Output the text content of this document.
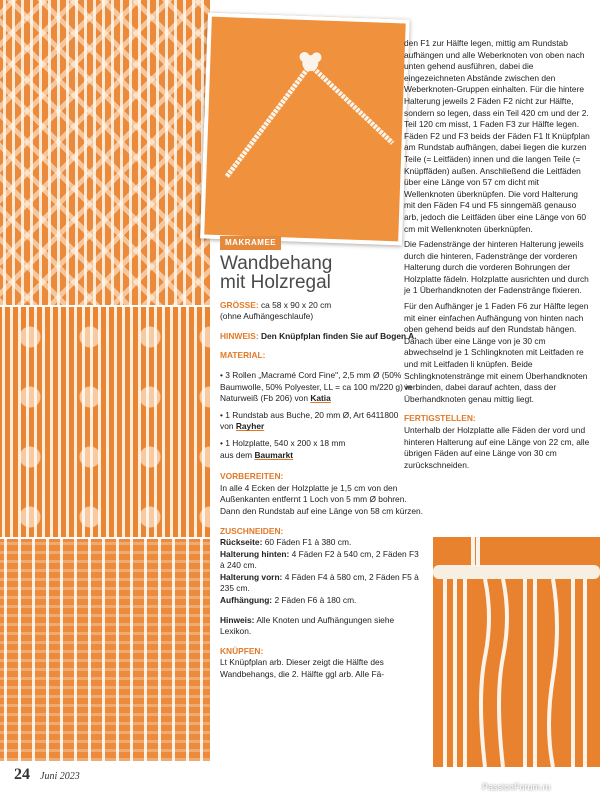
MAKRAMEE
Wandbehang
mit Holzregal

GRÖSSE: ca 58 x 90 x 20 cm
(ohne Aufhängeschlaufe)

HINWEIS: Den Knüpfplan finden Sie auf Bogen A.

MATERIAL:

• 3 Rollen „Macramé Cord Fine", 2,5 mm Ø (50% Baumwolle, 50% Polyester, LL = ca 100 m/220 g) in Naturweiß (Fb 206) von Katia
• 1 Rundstab aus Buche, 20 mm Ø, Art 6411800
von Rayher
• 1 Holzplatte, 540 x 200 x 18 mm
aus dem Baumarkt

VORBEREITEN:
In alle 4 Ecken der Holzplatte je 1,5 cm von den Außenkanten entfernt 1 Loch von 5 mm Ø bohren. Dann den Rundstab auf eine Länge von 58 cm kürzen.

ZUSCHNEIDEN:
Rückseite: 60 Fäden F1 à 380 cm.
Halterung hinten: 4 Fäden F2 à 540 cm, 2 Fäden F3 à 240 cm.
Halterung vorn: 4 Fäden F4 à 580 cm, 2 Fäden F5 à 235 cm.
Aufhängung: 2 Fäden F6 à 180 cm.

Hinweis: Alle Knoten und Aufhängungen siehe Lexikon.

KNÜPFEN:
Lt Knüpfplan arb. Dieser zeigt die Hälfte des Wandbehangs, die 2. Hälfte ggl arb. Alle Fä-

den F1 zur Hälfte legen, mittig am Rundstab aufhängen und alle Weberknoten von oben nach unten gehend ausführen, dabei die eingezeichneten Abstände zwischen den Weberknoten-Gruppen einhalten. Für die hintere Halterung jeweils 2 Fäden F2 nicht zur Hälfte, sondern so legen, dass ein Teil 420 cm und der 2. Teil 120 cm misst, 1 Faden F3 zur Hälfte legen. Fäden F2 und F3 beids der Fäden F1 lt Knüpfplan am Rundstab aufhängen, dabei liegen die kurzen Teile (= Leitfäden) innen und die langen Teile (= Knüpffäden) außen. Anschließend die Leitfäden über eine Länge von 57 cm dicht mit Wellenknoten überknüpfen. Die vord Halterung mit den Fäden F4 und F5 sinngemäß genauso arb, jedoch die Leitfäden über eine Länge von 60 cm mit Wellenknoten überknüpfen.

Die Fadenstränge der hinteren Halterung jeweils durch die hinteren, Fadenstränge der vorderen Halterung durch die vorderen Bohrungen der Holzplatte fädeln. Holzplatte ausrichten und durch je 1 Überhandknoten der Fadenstränge fixieren.

Für den Aufhänger je 1 Faden F6 zur Hälfte legen mit einer einfachen Aufhängung von hinten nach oben gehend beids auf den Rundstab hängen. Danach über eine Länge von je 30 cm abwechselnd je 1 Schlingknoten mit Leitfaden re und mit Leitfaden li knüpfen. Beide Schlingknotenstränge mit einem Überhandknoten verbinden, dabei darauf achten, dass der Überhandknoten genau mittig liegt.

FERTIGSTELLEN:
Unterhalb der Holzplatte alle Fäden der vord und hinteren Halterung auf eine Länge von 22 cm, alle übrigen Fäden auf eine Länge von 30 cm zurückschneiden.

24 Juni 2023
PassionForum.ru
